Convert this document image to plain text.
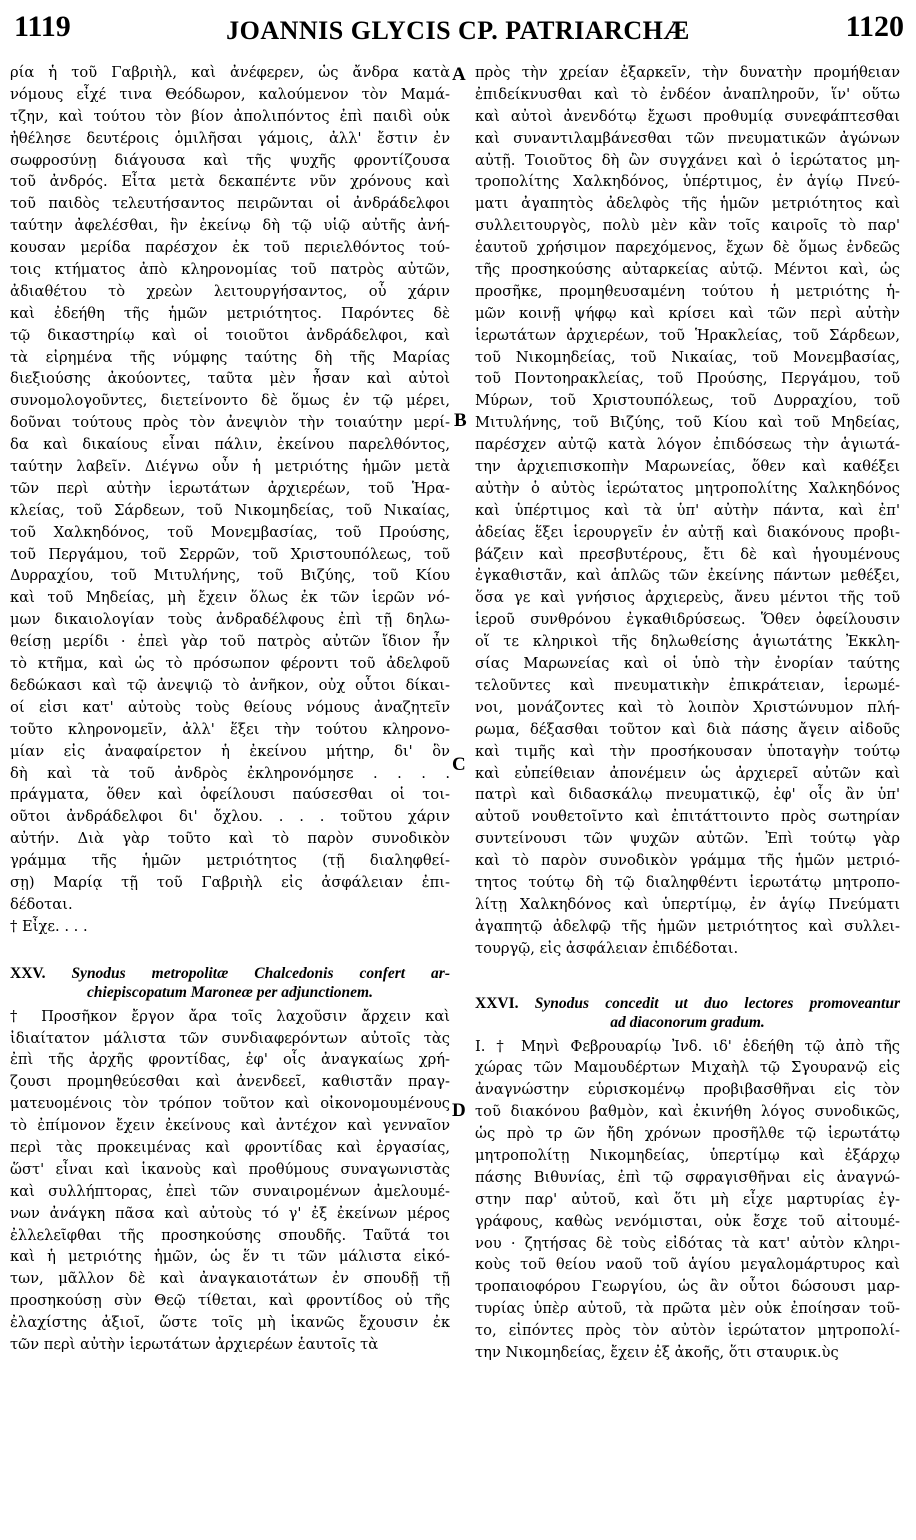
1119	JOANNIS GLYCIS CP. PATRIARCHÆ	1120
A
B
C
D
ρία ἡ τοῦ Γαβριὴλ, καὶ ἀνέφερεν, ὡς ἄνδρα κατὰ
νόμους εἶχέ τινα Θεόδωρον, καλούμενον τὸν Μαμά-
τζην, καὶ τούτου τὸν βίον ἀπολιπόντος ἐπὶ παιδὶ οὐκ
ἠθέλησε δευτέροις ὁμιλῆσαι γάμοις, ἀλλ' ἔστιν ἐν
σωφροσύνῃ διάγουσα καὶ τῆς ψυχῆς φροντίζουσα
τοῦ ἀνδρός. Εἶτα μετὰ δεκαπέντε νῦν χρόνους καὶ
τοῦ παιδὸς τελευτήσαντος πειρῶνται οἱ ἀνδράδελφοι
ταύτην ἀφελέσθαι, ἣν ἐκείνῳ δὴ τῷ υἱῷ αὐτῆς ἀνή-
κουσαν μερίδα παρέσχον ἐκ τοῦ περιελθόντος τού-
τοις κτήματος ἀπὸ κληρονομίας τοῦ πατρὸς αὐτῶν,
ἀδιαθέτου τὸ χρεὼν λειτουργήσαντος, οὗ χάριν
καὶ ἐδεήθη τῆς ἡμῶν μετριότητος. Παρόντες δὲ
τῷ δικαστηρίῳ καὶ οἱ τοιοῦτοι ἀνδράδελφοι, καὶ
τὰ εἰρημένα τῆς νύμφης ταύτης δὴ τῆς Μαρίας
διεξιούσης ἀκούοντες, ταῦτα μὲν ἦσαν καὶ αὐτοὶ
συνομολογοῦντες, διετείνοντο δὲ ὅμως ἐν τῷ μέρει,
δοῦναι τούτους πρὸς τὸν ἀνεψιὸν τὴν τοιαύτην μερί-
δα καὶ δικαίους εἶναι πάλιν, ἐκείνου παρελθόντος,
ταύτην λαβεῖν. Διέγνω οὖν ἡ μετριότης ἡμῶν μετὰ
τῶν περὶ αὐτὴν ἱερωτάτων ἀρχιερέων, τοῦ Ἡρα-
κλείας, τοῦ Σάρδεων, τοῦ Νικομηδείας, τοῦ Νικαίας,
τοῦ Χαλκηδόνος, τοῦ Μονεμβασίας, τοῦ Προύσης,
τοῦ Περγάμου, τοῦ Σερρῶν, τοῦ Χριστουπόλεως, τοῦ
Δυρραχίου, τοῦ Μιτυλήνης, τοῦ Βιζύης, τοῦ Κίου
καὶ τοῦ Μηδείας, μὴ ἔχειν ὅλως ἐκ τῶν ἱερῶν νό-
μων δικαιολογίαν τοὺς ἀνδραδέλφους ἐπὶ τῇ δηλω-
θείσῃ μερίδι · ἐπεὶ γὰρ τοῦ πατρὸς αὐτῶν ἴδιον ἦν
τὸ κτῆμα, καὶ ὡς τὸ πρόσωπον φέροντι τοῦ ἀδελφοῦ
δεδώκασι καὶ τῷ ἀνεψιῷ τὸ ἀνῆκον, οὐχ οὗτοι δίκαι-
οί εἰσι κατ' αὐτοὺς τοὺς θείους νόμους ἀναζητεῖν
τοῦτο κληρονομεῖν, ἀλλ' ἕξει τὴν τούτου κληρονο-
μίαν εἰς ἀναφαίρετον ἡ ἐκείνου μήτηρ, δι' ὃν
δὴ καὶ τὰ τοῦ ἀνδρὸς ἐκληρονόμησε . . . .
πράγματα, ὅθεν καὶ ὀφείλουσι παύσεσθαι οἱ τοι-
οῦτοι ἀνδράδελφοι δι' ὄχλου. . . . τοῦτου χάριν
αὐτήν. Διὰ γὰρ τοῦτο καὶ τὸ παρὸν συνοδικὸν
γράμμα τῆς ἡμῶν μετριότητος (τῇ διαληφθεί-
σῃ) Μαρίᾳ τῇ τοῦ Γαβριὴλ εἰς ἀσφάλειαν ἐπι-
δέδοται.
† Εἶχε. . . .
XXV. Synodus metropolitæ Chalcedonis confert ar-
chiepiscopatum Maroneæ per adjunctionem.
† Προσῆκον ἔργον ἄρα τοῖς λαχοῦσιν ἄρχειν καὶ
ἰδιαίτατον μάλιστα τῶν συνδιαφερόντων αὐτοῖς τὰς
ἐπὶ τῆς ἀρχῆς φροντίδας, ἐφ' οἷς ἀναγκαίως χρή-
ζουσι προμηθεύεσθαι καὶ ἀνενδεεῖ, καθιστᾶν πραγ-
ματευομένοις τὸν τρόπον τοῦτον καὶ οἰκονομουμένους
τὸ ἐπίμονον ἔχειν ἐκείνους καὶ ἀντέχον καὶ γενναῖον
περὶ τὰς προκειμένας καὶ φροντίδας καὶ ἐργασίας,
ὥστ' εἶναι καὶ ἱκανοὺς καὶ προθύμους συναγωνιστὰς
καὶ συλλήπτορας, ἐπεὶ τῶν συναιρομένων ἀμελουμέ-
νων ἀνάγκη πᾶσα καὶ αὐτοὺς τό γ' ἐξ ἐκείνων μέρος
ἐλλελεῖφθαι τῆς προσηκούσης σπουδῆς. Ταῦτά τοι
καὶ ἡ μετριότης ἡμῶν, ὡς ἕν τι τῶν μάλιστα εἰκό-
των, μᾶλλον δὲ καὶ ἀναγκαιοτάτων ἐν σπουδῇ τῇ
προσηκούσῃ σὺν Θεῷ τίθεται, καὶ φροντίδος οὐ τῆς
ἐλαχίστης ἀξιοῖ, ὥστε τοῖς μὴ ἱκανῶς ἔχουσιν ἐκ
τῶν περὶ αὐτὴν ἱερωτάτων ἀρχιερέων ἑαυτοῖς τὰ
πρὸς τὴν χρείαν ἐξαρκεῖν, τὴν δυνατὴν προμήθειαν
ἐπιδείκνυσθαι καὶ τὸ ἐνδέον ἀναπληροῦν, ἵν' οὕτω
καὶ αὐτοὶ ἀνενδότῳ ἔχωσι προθυμίᾳ συνεφάπτεσθαι
καὶ συναντιλαμβάνεσθαι τῶν πνευματικῶν ἀγώνων
αὐτῇ. Τοιοῦτος δὴ ὢν συγχάνει καὶ ὁ ἱερώτατος μη-
τροπολίτης Χαλκηδόνος, ὑπέρτιμος, ἐν ἁγίῳ Πνεύ-
ματι ἀγαπητὸς ἀδελφὸς τῆς ἡμῶν μετριότητος καὶ
συλλειτουργὸς, πολὺ μὲν κἂν τοῖς καιροῖς τὸ παρ'
ἑαυτοῦ χρήσιμον παρεχόμενος, ἔχων δὲ ὅμως ἐνδεῶς
τῆς προσηκούσης αὐταρκείας αὐτῷ. Μέντοι καὶ, ὡς
προσῆκε, προμηθευσαμένη τούτου ἡ μετριότης ἡ-
μῶν κοινῇ ψήφῳ καὶ κρίσει καὶ τῶν περὶ αὐτὴν
ἱερωτάτων ἀρχιερέων, τοῦ Ἡρακλείας, τοῦ Σάρδεων,
τοῦ Νικομηδείας, τοῦ Νικαίας, τοῦ Μονεμβασίας,
τοῦ Ποντοηρακλείας, τοῦ Προύσης, Περγάμου, τοῦ
Μύρων, τοῦ Χριστουπόλεως, τοῦ Δυρραχίου, τοῦ
Μιτυλήνης, τοῦ Βιζύης, τοῦ Κίου καὶ τοῦ Μηδείας,
παρέσχεν αὐτῷ κατὰ λόγον ἐπιδόσεως τὴν ἁγιωτά-
την ἀρχιεπισκοπὴν Μαρωνείας, ὅθεν καὶ καθέξει
αὐτὴν ὁ αὐτὸς ἱερώτατος μητροπολίτης Χαλκηδόνος
καὶ ὑπέρτιμος καὶ τὰ ὑπ' αὐτὴν πάντα, καὶ ἐπ'
ἀδείας ἕξει ἱερουργεῖν ἐν αὐτῇ καὶ διακόνους προβι-
βάζειν καὶ πρεσβυτέρους, ἔτι δὲ καὶ ἡγουμένους
ἐγκαθιστᾶν, καὶ ἁπλῶς τῶν ἐκείνης πάντων μεθέξει,
ὅσα γε καὶ γνήσιος ἀρχιερεὺς, ἄνευ μέντοι τῆς τοῦ
ἱεροῦ συνθρόνου ἐγκαθιδρύσεως. Ὅθεν ὀφείλουσιν
οἵ τε κληρικοὶ τῆς δηλωθείσης ἁγιωτάτης Ἐκκλη-
σίας Μαρωνείας καὶ οἱ ὑπὸ τὴν ἐνορίαν ταύτης
τελοῦντες καὶ πνευματικὴν ἐπικράτειαν, ἱερωμέ-
νοι, μονάζοντες καὶ τὸ λοιπὸν Χριστώνυμον πλή-
ρωμα, δέξασθαι τοῦτον καὶ διὰ πάσης ἄγειν αἰδοῦς
καὶ τιμῆς καὶ τὴν προσήκουσαν ὑποταγὴν τούτῳ
καὶ εὐπείθειαν ἀπονέμειν ὡς ἀρχιερεῖ αὐτῶν καὶ
πατρὶ καὶ διδασκάλῳ πνευματικῷ, ἐφ' οἷς ἂν ὑπ'
αὐτοῦ νουθετοῖντο καὶ ἐπιτάττοιντο πρὸς σωτηρίαν
συντείνουσι τῶν ψυχῶν αὐτῶν. Ἐπὶ τούτῳ γὰρ
καὶ τὸ παρὸν συνοδικὸν γράμμα τῆς ἡμῶν μετριό-
τητος τούτῳ δὴ τῷ διαληφθέντι ἱερωτάτῳ μητροπο-
λίτῃ Χαλκηδόνος καὶ ὑπερτίμῳ, ἐν ἁγίῳ Πνεύματι
ἀγαπητῷ ἀδελφῷ τῆς ἡμῶν μετριότητος καὶ συλλει-
τουργῷ, εἰς ἀσφάλειαν ἐπιδέδοται.
XXVI. Synodus concedit ut duo lectores promoveantur
ad diaconorum gradum.
I. † Μηνὶ Φεβρουαρίῳ Ἰνδ. ιδ' ἐδεήθη τῷ ἀπὸ τῆς
χώρας τῶν Μαμουδέρτων Μιχαὴλ τῷ Σγουρανῷ εἰς
ἀναγνώστην εὑρισκομένῳ προβιβασθῆναι εἰς τὸν
τοῦ διακόνου βαθμὸν, καὶ ἐκινήθη λόγος συνοδικῶς,
ὡς πρὸ τρ ῶν ἤδη χρόνων προσῆλθε τῷ ἱερωτάτῳ
μητροπολίτῃ Νικομηδείας, ὑπερτίμῳ καὶ ἐξάρχῳ
πάσης Βιθυνίας, ἐπὶ τῷ σφραγισθῆναι εἰς ἀναγνώ-
στην παρ' αὐτοῦ, καὶ ὅτι μὴ εἶχε μαρτυρίας ἐγ-
γράφους, καθὼς νενόμισται, οὐκ ἔσχε τοῦ αἰτουμέ-
νου · ζητήσας δὲ τοὺς εἰδότας τὰ κατ' αὐτὸν κληρι-
κοὺς τοῦ θείου ναοῦ τοῦ ἁγίου μεγαλομάρτυρος καὶ
τροπαιοφόρου Γεωργίου, ὡς ἂν οὗτοι δώσουσι μαρ-
τυρίας ὑπὲρ αὐτοῦ, τὰ πρῶτα μὲν οὐκ ἐποίησαν τοῦ-
το, εἰπόντες πρὸς τὸν αὐτὸν ἱερώτατον μητροπολί-
την Νικομηδείας, ἔχειν ἐξ ἀκοῆς, ὅτι σταυρικ.ὺς
